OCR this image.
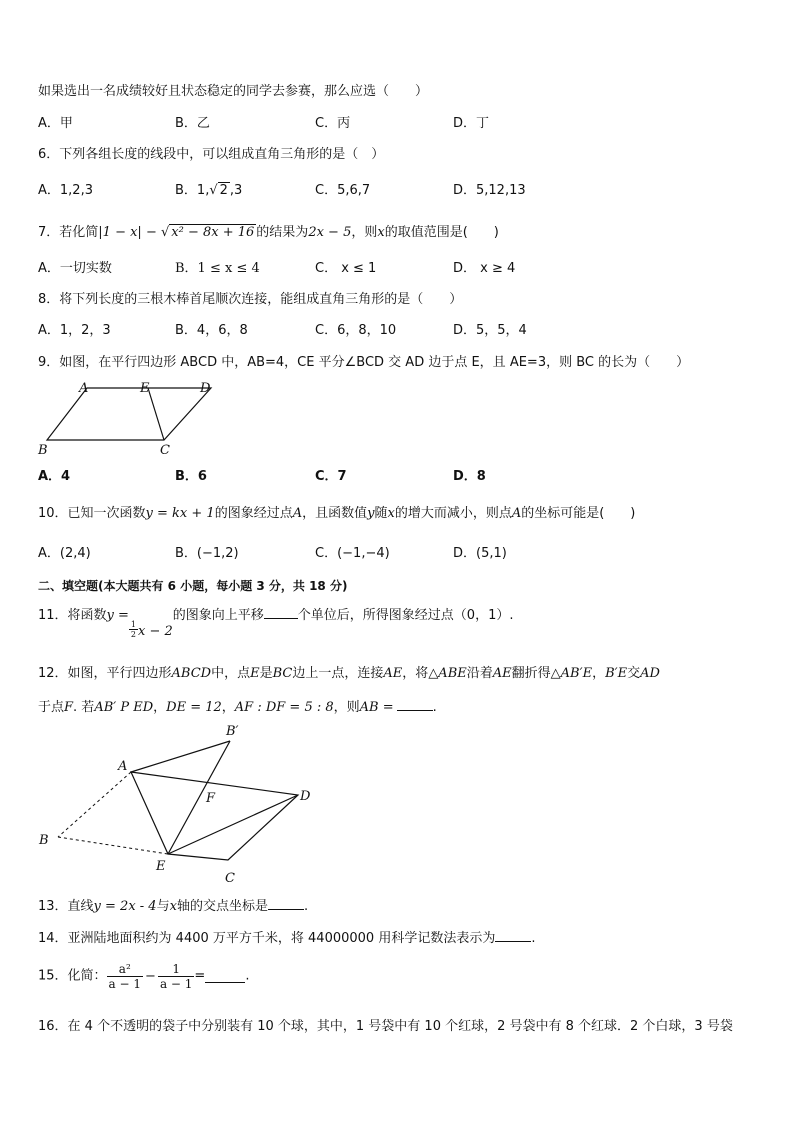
如果选出一名成绩较好且状态稳定的同学去参赛，那么应选（　　）
A．甲	B．乙	C．丙	D．丁
6．下列各组长度的线段中，可以组成直角三角形的是（　）
A．1,2,3	B．1,√ 2 ,3	C．5,6,7	D．5,12,13
7．若化简|1 − x| − √ x² − 8x + 16 的结果为2x − 5，则x的取值范围是(　　)
A．一切实数	B．1 ≤ x ≤ 4	C． x ≤ 1	D． x ≥ 4
8．将下列长度的三根木棒首尾顺次连接，能组成直角三角形的是（　　）
A．1，2，3	B．4，6，8	C．6，8，10	D．5，5，4
9．如图，在平行四边形 ABCD 中，AB=4，CE 平分∠BCD 交 AD 边于点 E，且 AE=3，则 BC 的长为（　　）
A	E	D
B	C
A．4	B．6	C．7	D．8
10．已知一次函数y = kx + 1的图象经过点A，且函数值y随x的增大而减小，则点A的坐标可能是(　　)
A．(2,4)	B．(−1,2)	C．(−1,−4)	D．(5,1)
二、填空题(本大题共有 6 小题，每小题 3 分，共 18 分)
11．将函数y =
$\frac{1}{2}$ x − 2的图象向上平移	个单位后，所得图象经过点（0，1）.
12．如图，平行四边形ABCD中，点E是BC边上一点，连接AE，将△ABE沿着AE翻折得△AB′E，B′E交AD
于点F. 若AB′ P ED，DE = 12，AF : DF = 5 : 8，则AB =	.
B′
A
F	D
B
E
C
13．直线y = 2x - 4与x轴的交点坐标是	.
14．亚洲陆地面积约为 4400 万平方千米，将 44000000 用科学记数法表示为	.
15．化简： $\frac{\text{a²}}{a - 1} - \frac{1}{a - 1}$ =	.
16．在 4 个不透明的袋子中分别装有 10 个球，其中，1 号袋中有 10 个红球，2 号袋中有 8 个红球．2 个白球，3 号袋
